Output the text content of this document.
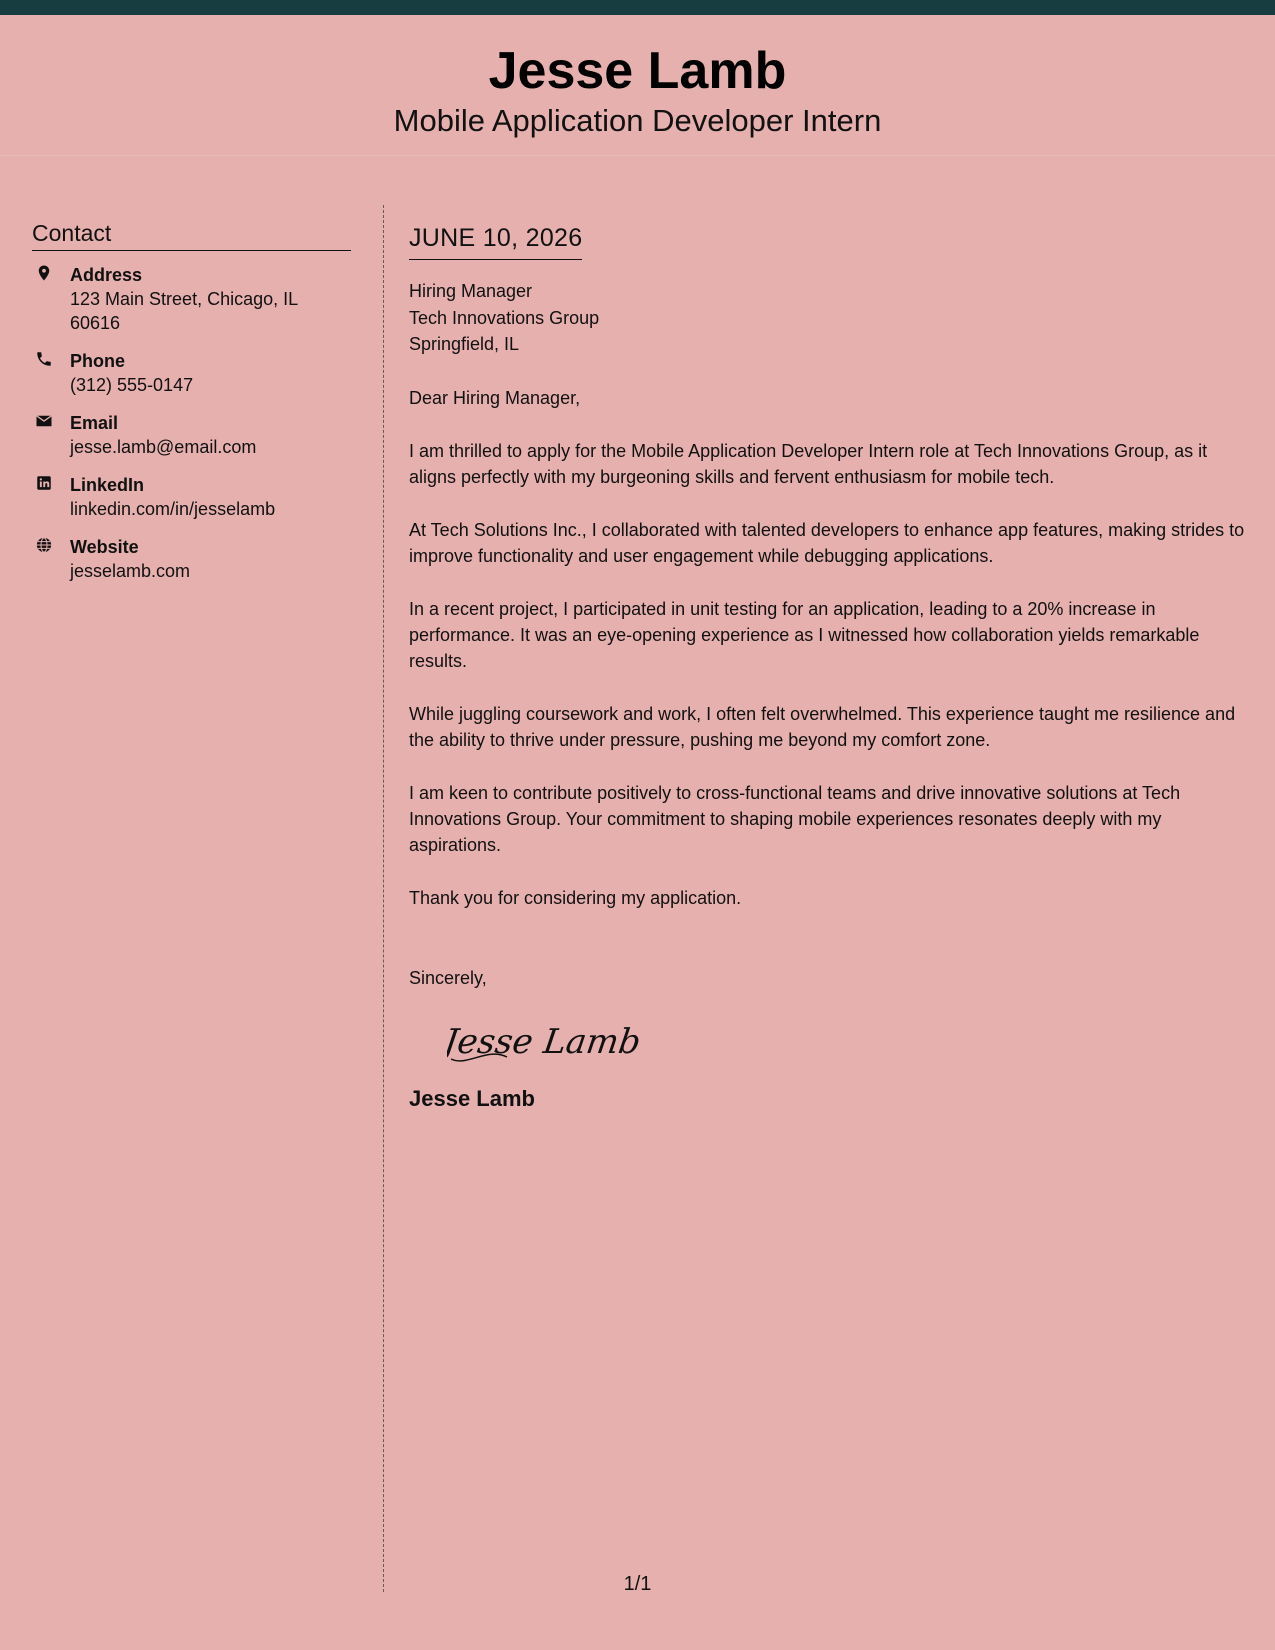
Jesse Lamb
Mobile Application Developer Intern
Contact
Address
123 Main Street, Chicago, IL 60616
Phone
(312) 555-0147
Email
jesse.lamb@email.com
LinkedIn
linkedin.com/in/jesselamb
Website
jesselamb.com
JUNE 10, 2026
Hiring Manager
Tech Innovations Group
Springfield, IL

Dear Hiring Manager,

I am thrilled to apply for the Mobile Application Developer Intern role at Tech Innovations Group, as it aligns perfectly with my burgeoning skills and fervent enthusiasm for mobile tech.

At Tech Solutions Inc., I collaborated with talented developers to enhance app features, making strides to improve functionality and user engagement while debugging applications.

In a recent project, I participated in unit testing for an application, leading to a 20% increase in performance. It was an eye-opening experience as I witnessed how collaboration yields remarkable results.

While juggling coursework and work, I often felt overwhelmed. This experience taught me resilience and the ability to thrive under pressure, pushing me beyond my comfort zone.

I am keen to contribute positively to cross-functional teams and drive innovative solutions at Tech Innovations Group. Your commitment to shaping mobile experiences resonates deeply with my aspirations.

Thank you for considering my application.

Sincerely,
Jesse Lamb
Jesse Lamb
1/1
